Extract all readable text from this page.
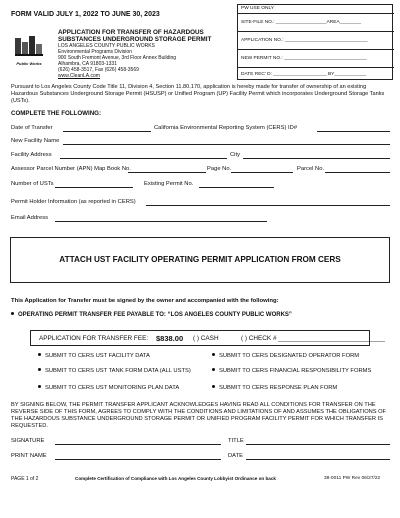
FORM VALID JULY 1, 2022 TO JUNE 30, 2023
Public Works
APPLICATION FOR TRANSFER OF HAZARDOUS
SUBSTANCES UNDERGROUND STORAGE PERMIT
LOS ANGELES COUNTY PUBLIC WORKS
Environmental Programs Division
900 South Fremont Avenue, 3rd Floor Annex Building
Alhambra, CA 91803-1331
(626) 458-3517, Fax (626) 458-3569
www.CleanLA.com
PW USE ONLY
SITE-FILE NO.: ___________________AREA________
APPLICATION NO.: _______________________________
NEW PERMIT NO.: _______________________________
DATE REC' D: ____________________ BY____________
Pursuant to Los Angeles County Code Title 11, Division 4, Section 11.80.170, application is hereby made for transfer of ownership of an existing Hazardous Substances Underground Storage Permit (HSUSP) or Unified Program (UP) Facility Permit which incorporates Underground Storage Tanks (USTs).
COMPLETE THE FOLLOWING:
Date of Transfer	California Environmental Reporting System (CERS) ID#
New Facility Name
Facility Address	City
Assessor Parcel Number (APN) Map Book No.	Page No.	Parcel No.
Number of USTs	Existing Permit No.
Permit Holder Information (as reported in CERS)
Email Address
ATTACH UST FACILITY OPERATING PERMIT APPLICATION FROM CERS
This Application for Transfer must be signed by the owner and accompanied with the following:
OPERATING PERMIT TRANSFER FEE PAYABLE TO: “LOS ANGELES COUNTY PUBLIC WORKS”
APPLICATION FOR TRANSFER FEE: $838.00 ( ) CASH	( ) CHECK # ______________________________
SUBMIT TO CERS UST FACILITY DATA	SUBMIT TO CERS DESIGNATED OPERATOR FORM
SUBMIT TO CERS UST TANK FORM DATA (ALL USTS)	SUBMIT TO CERS FINANCIAL RESPONSIBILITY FORMS
SUBMIT TO CERS UST MONITORING PLAN DATA	SUBMIT TO CERS RESPONSE PLAN FORM
BY SIGNING BELOW, THE PERMIT TRANSFER APPLICANT ACKNOWLEDGES HAVING READ ALL CONDITIONS FOR TRANSFER ON THE REVERSE SIDE OF THIS FORM, AGREES TO COMPLY WITH THE CONDITIONS AND LIMITATIONS OF AND ASSUMES THE OBLIGATIONS OF THE HAZARDOUS SUBSTANCE UNDERGROUND STORAGE PERMIT OR UNIFIED PROGRAM FACILITY PERMIT FOR WHICH TRANSFER IS REQUESTED.
SIGNATURE	TITLE
PRINT NAME	DATE
PAGE 1 of 2	Complete Certification of Compliance with Los Angeles County Lobbyist Ordinance on back	38-0011 PW Rev 06/27/22
